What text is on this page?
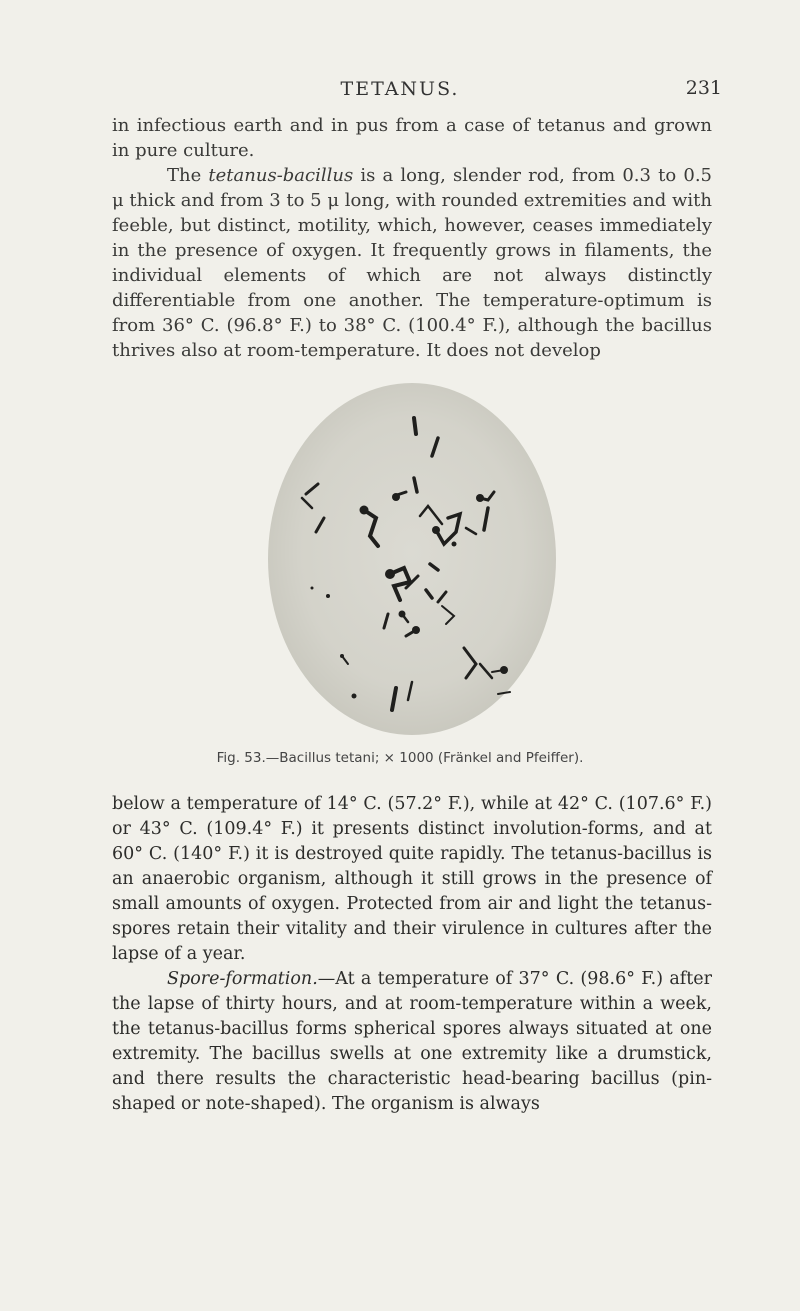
TETANUS.	231

in infectious earth and in pus from a case of tetanus and grown in pure culture.

The tetanus-bacillus is a long, slender rod, from 0.3 to 0.5 μ thick and from 3 to 5 μ long, with rounded extremities and with feeble, but distinct, motility, which, however, ceases immediately in the presence of oxygen. It frequently grows in filaments, the individual elements of which are not always distinctly differentiable from one another. The temperature-optimum is from 36° C. (96.8° F.) to 38° C. (100.4° F.), although the bacillus thrives also at room-temperature. It does not develop

Fig. 53.—Bacillus tetani; × 1000 (Fränkel and Pfeiffer).

below a temperature of 14° C. (57.2° F.), while at 42° C. (107.6° F.) or 43° C. (109.4° F.) it presents distinct involution-forms, and at 60° C. (140° F.) it is destroyed quite rapidly. The tetanus-bacillus is an anaerobic organism, although it still grows in the presence of small amounts of oxygen. Protected from air and light the tetanus-spores retain their vitality and their virulence in cultures after the lapse of a year.

Spore-formation.—At a temperature of 37° C. (98.6° F.) after the lapse of thirty hours, and at room-temperature within a week, the tetanus-bacillus forms spherical spores always situated at one extremity. The bacillus swells at one extremity like a drumstick, and there results the characteristic head-bearing bacillus (pin-shaped or note-shaped). The organism is always
